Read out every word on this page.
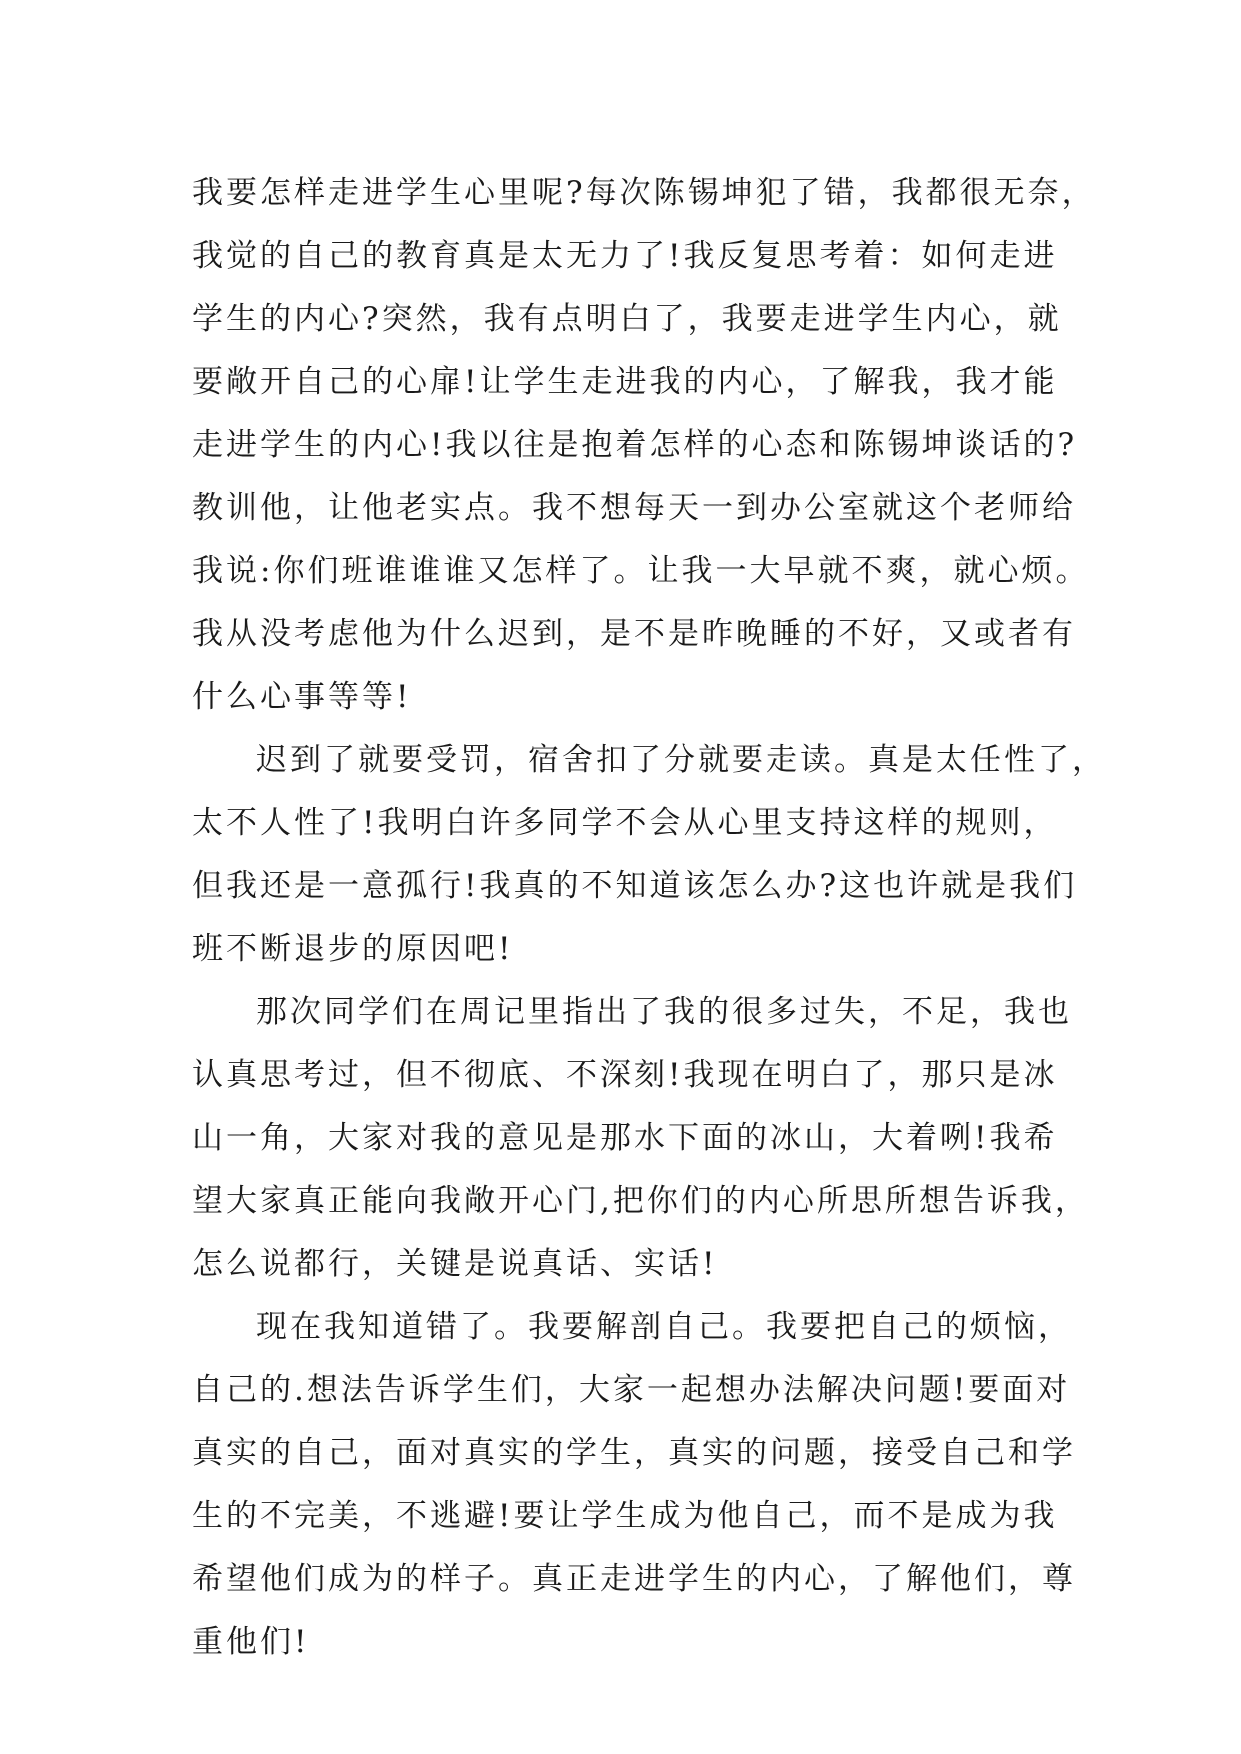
我要怎样走进学生心里呢?每次陈锡坤犯了错，我都很无奈，
我觉的自己的教育真是太无力了!我反复思考着：如何走进
学生的内心?突然，我有点明白了，我要走进学生内心，就
要敞开自己的心扉!让学生走进我的内心，了解我，我才能
走进学生的内心!我以往是抱着怎样的心态和陈锡坤谈话的?
教训他，让他老实点。我不想每天一到办公室就这个老师给
我说:你们班谁谁谁又怎样了。让我一大早就不爽，就心烦。
我从没考虑他为什么迟到，是不是昨晚睡的不好，又或者有
什么心事等等!
迟到了就要受罚，宿舍扣了分就要走读。真是太任性了，
太不人性了!我明白许多同学不会从心里支持这样的规则，
但我还是一意孤行!我真的不知道该怎么办?这也许就是我们
班不断退步的原因吧!
那次同学们在周记里指出了我的很多过失，不足，我也
认真思考过，但不彻底、不深刻!我现在明白了，那只是冰
山一角，大家对我的意见是那水下面的冰山，大着咧!我希
望大家真正能向我敞开心门,把你们的内心所思所想告诉我，
怎么说都行，关键是说真话、实话!
现在我知道错了。我要解剖自己。我要把自己的烦恼，
自己的.想法告诉学生们，大家一起想办法解决问题!要面对
真实的自己，面对真实的学生，真实的问题，接受自己和学
生的不完美，不逃避!要让学生成为他自己，而不是成为我
希望他们成为的样子。真正走进学生的内心，了解他们，尊
重他们!
